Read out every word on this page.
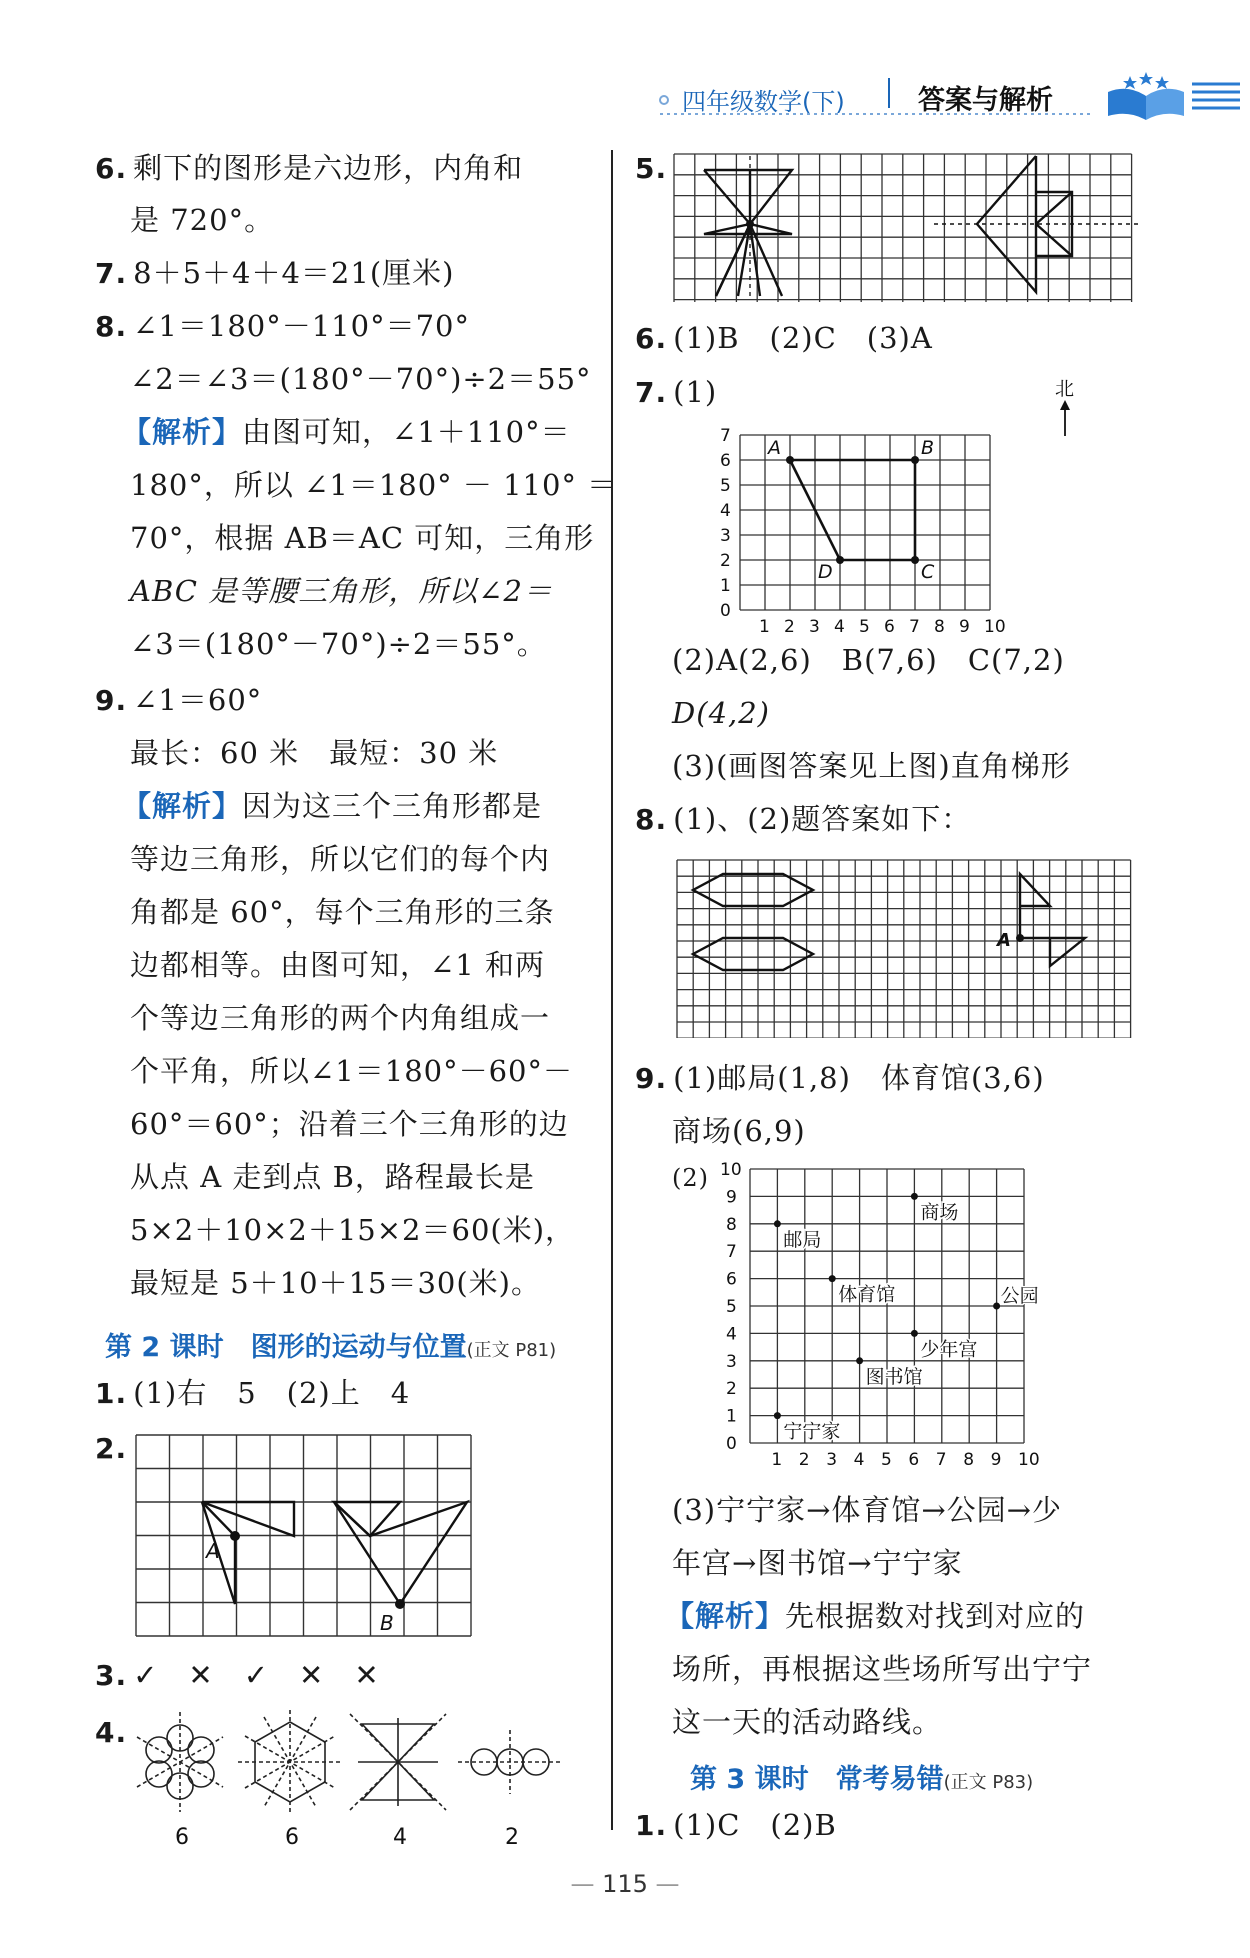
四年级数学(下)	答案与解析
6. 剩下的图形是六边形，内角和
是 720°。
7. 8＋5＋4＋4＝21(厘米)
8. ∠1＝180°－110°＝70°
∠2＝∠3＝(180°－70°)÷2＝55°
【解析】由图可知，∠1＋110°＝
180°，所以 ∠1＝180° － 110° ＝
70°，根据 AB＝AC 可知，三角形
ABC 是等腰三角形，所以∠2＝
∠3＝(180°－70°)÷2＝55°。
9. ∠1＝60°
最长：60 米　最短：30 米
【解析】因为这三个三角形都是
等边三角形，所以它们的每个内
角都是 60°，每个三角形的三条
边都相等。由图可知，∠1 和两
个等边三角形的两个内角组成一
个平角，所以∠1＝180°－60°－
60°＝60°；沿着三个三角形的边
从点 A 走到点 B，路程最长是
5×2＋10×2＋15×2＝60(米)，
最短是 5＋10＋15＝30(米)。
第 2 课时　图形的运动与位置(正文 P81)
1. (1)右　5　(2)上　4
2.
A
B
3. ✓　✕　✓　✕　✕
4.
6	6	4	2
5.
6. (1)B　(2)C　(3)A
7. (1)
1 2 3 4 5 6 7 8 9 10
0
1
2
3
4
5
6
7
A	B
C
D
北
(2)A(2,6)　B(7,6)　C(7,2)
D(4,2)
(3)(画图答案见上图)直角梯形
8. (1)、(2)题答案如下：
A
9. (1)邮局(1,8)　体育馆(3,6)
商场(6,9)
(2)
1 2 3 4 5 6 7 8 9 10
0
1
2
3
4
5
6
7
8
9
10
商场
邮局
体育馆	公园
少年宫
图书馆
宁宁家
(3)宁宁家→体育馆→公园→少
年宫→图书馆→宁宁家
【解析】先根据数对找到对应的
场所，再根据这些场所写出宁宁
这一天的活动路线。
第 3 课时　常考易错(正文 P83)
1. (1)C　(2)B
— 115 —
